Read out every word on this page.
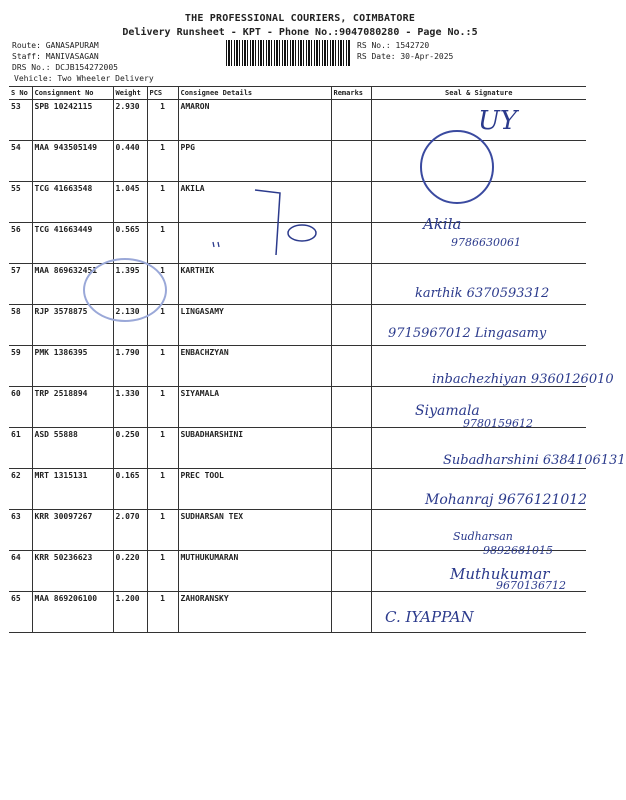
THE PROFESSIONAL COURIERS, COIMBATORE
Delivery Runsheet - KPT - Phone No.:9047080280 - Page No.:5
Route: GANASAPURAM
Staff: MANIVASAGAN
DRS No.: DCJB154272005
Vehicle: Two Wheeler Delivery
RS No.: 1542720
RS Date: 30-Apr-2025
S No	Consignment No	Weight	PCS	Consignee Details	Remarks	Seal & Signature
53	SPB 10242115	2.930	1	AMARON		
54	MAA 943505149	0.440	1	PPG		
55	TCG 41663548	1.045	1	AKILA		
56	TCG 41663449	0.565	1			
57	MAA 869632451	1.395	1	KARTHIK		
58	RJP 3578875	2.130	1	LINGASAMY		
59	PMK 1386395	1.790	1	ENBACHZYAN		
60	TRP 2518894	1.330	1	SIYAMALA		
61	ASD 55888	0.250	1	SUBADHARSHINI		
62	MRT 1315131	0.165	1	PREC TOOL		
63	KRR 30097267	2.070	1	SUDHARSAN TEX		
64	KRR 50236623	0.220	1	MUTHUKUMARAN		
65	MAA 869206100	1.200	1	ZAHORANSKY		
UY
Akila
9786630061
karthik 6370593312
9715967012 Lingasamy
inbachezhiyan 9360126010
Siyamala
9780159612
Subadharshini 6384106131
Mohanraj 9676121012
Sudharsan
9892681015
Muthukumar
9670136712
C. IYAPPAN
